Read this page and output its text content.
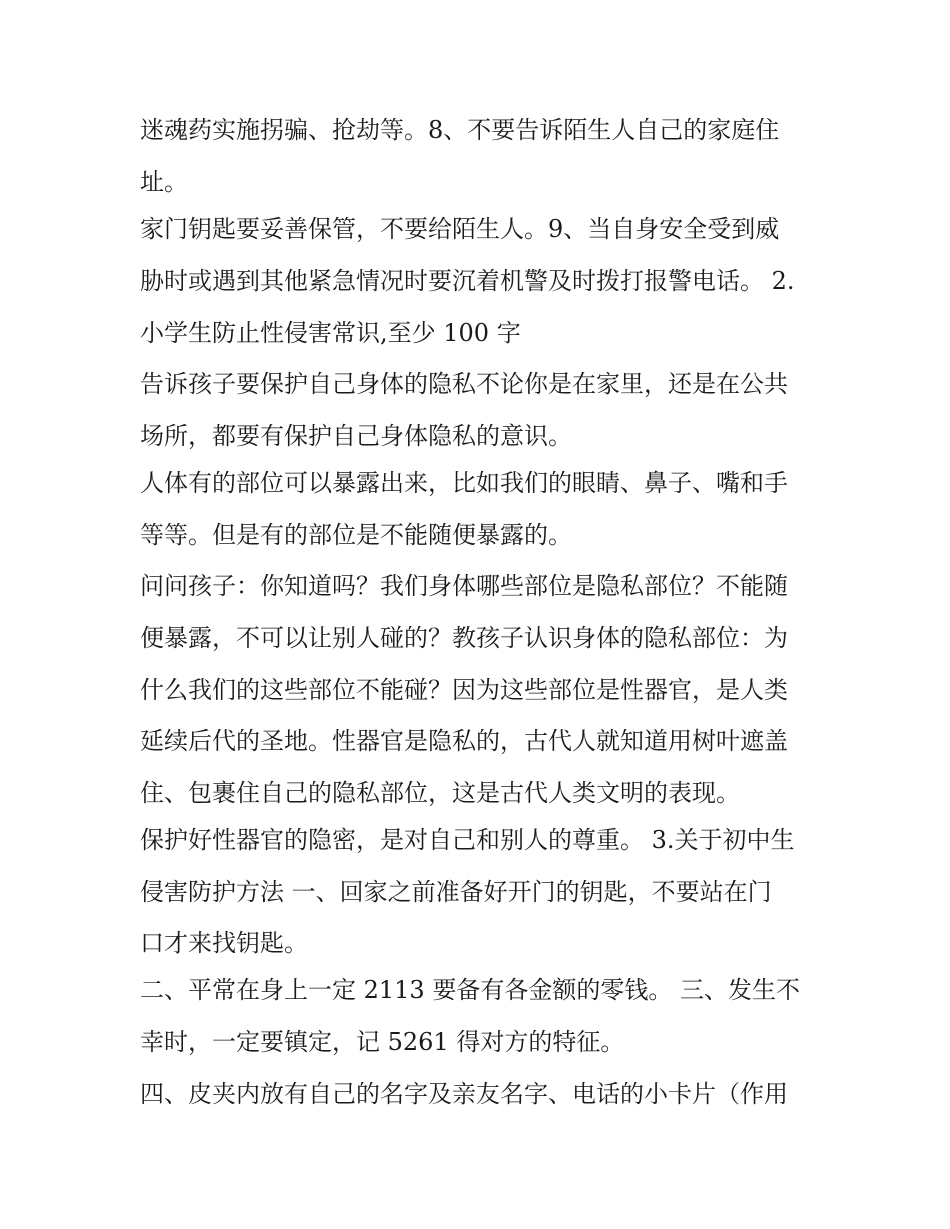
迷魂药实施拐骗、抢劫等。8、不要告诉陌生人自己的家庭住

址。

家门钥匙要妥善保管，不要给陌生人。9、当自身安全受到威

胁时或遇到其他紧急情况时要沉着机警及时拨打报警电话。 2.

小学生防止性侵害常识,至少 100 字

告诉孩子要保护自己身体的隐私不论你是在家里，还是在公共

场所，都要有保护自己身体隐私的意识。

人体有的部位可以暴露出来，比如我们的眼睛、鼻子、嘴和手

等等。但是有的部位是不能随便暴露的。

问问孩子：你知道吗？我们身体哪些部位是隐私部位？不能随

便暴露，不可以让别人碰的？教孩子认识身体的隐私部位：为

什么我们的这些部位不能碰？因为这些部位是性器官，是人类

延续后代的圣地。性器官是隐私的，古代人就知道用树叶遮盖

住、包裹住自己的隐私部位，这是古代人类文明的表现。

保护好性器官的隐密，是对自己和别人的尊重。 3.关于初中生

侵害防护方法 一、回家之前准备好开门的钥匙，不要站在门

口才来找钥匙。

二、平常在身上一定 2113 要备有各金额的零钱。 三、发生不

幸时，一定要镇定，记 5261 得对方的特征。

四、皮夹内放有自己的名字及亲友名字、电话的小卡片（作用
